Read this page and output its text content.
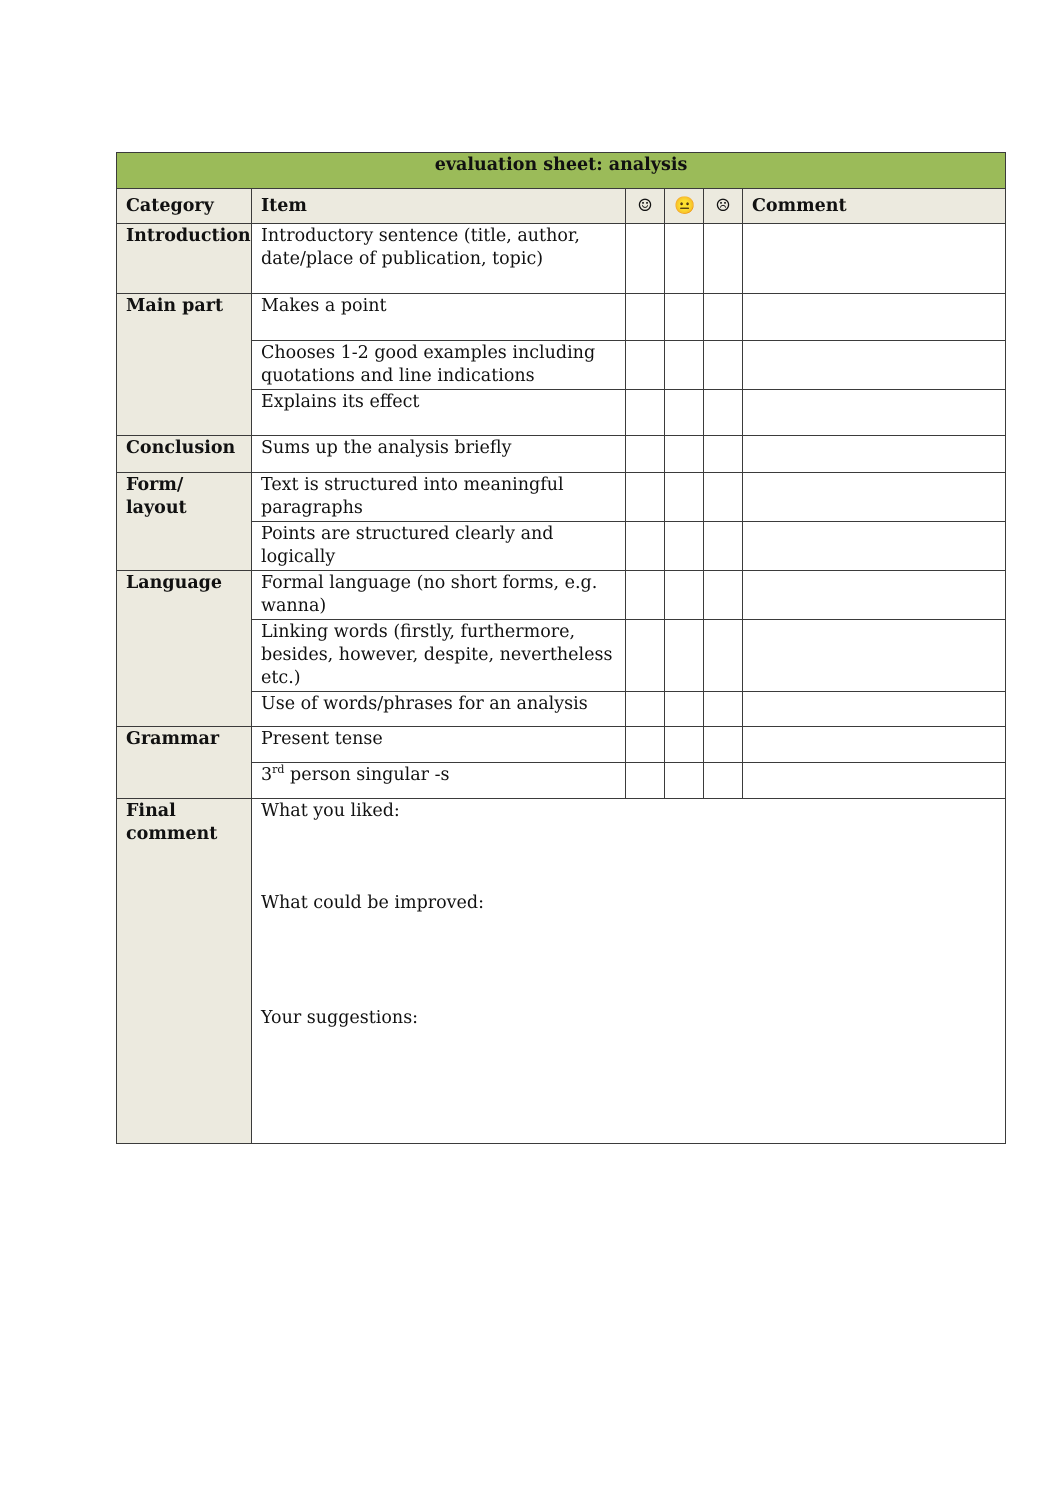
evaluation sheet: analysis					
Category	Item	☺	😐	☹	Comment
Introduction	Introductory sentence (title, author, date/place of publication, topic)				
Main part	Makes a point				
	Chooses 1-2 good examples including quotations and line indications				
	Explains its effect				
Conclusion	Sums up the analysis briefly				
Form/ layout	Text is structured into meaningful paragraphs				
	Points are structured clearly and logically				
Language	Formal language (no short forms, e.g. wanna)				
	Linking words (firstly, furthermore, besides, however, despite, nevertheless etc.)				
	Use of words/phrases for an analysis				
Grammar	Present tense				
	3rd person singular -s				
Final comment	What you liked:
What could be improved:
Your suggestions:				
